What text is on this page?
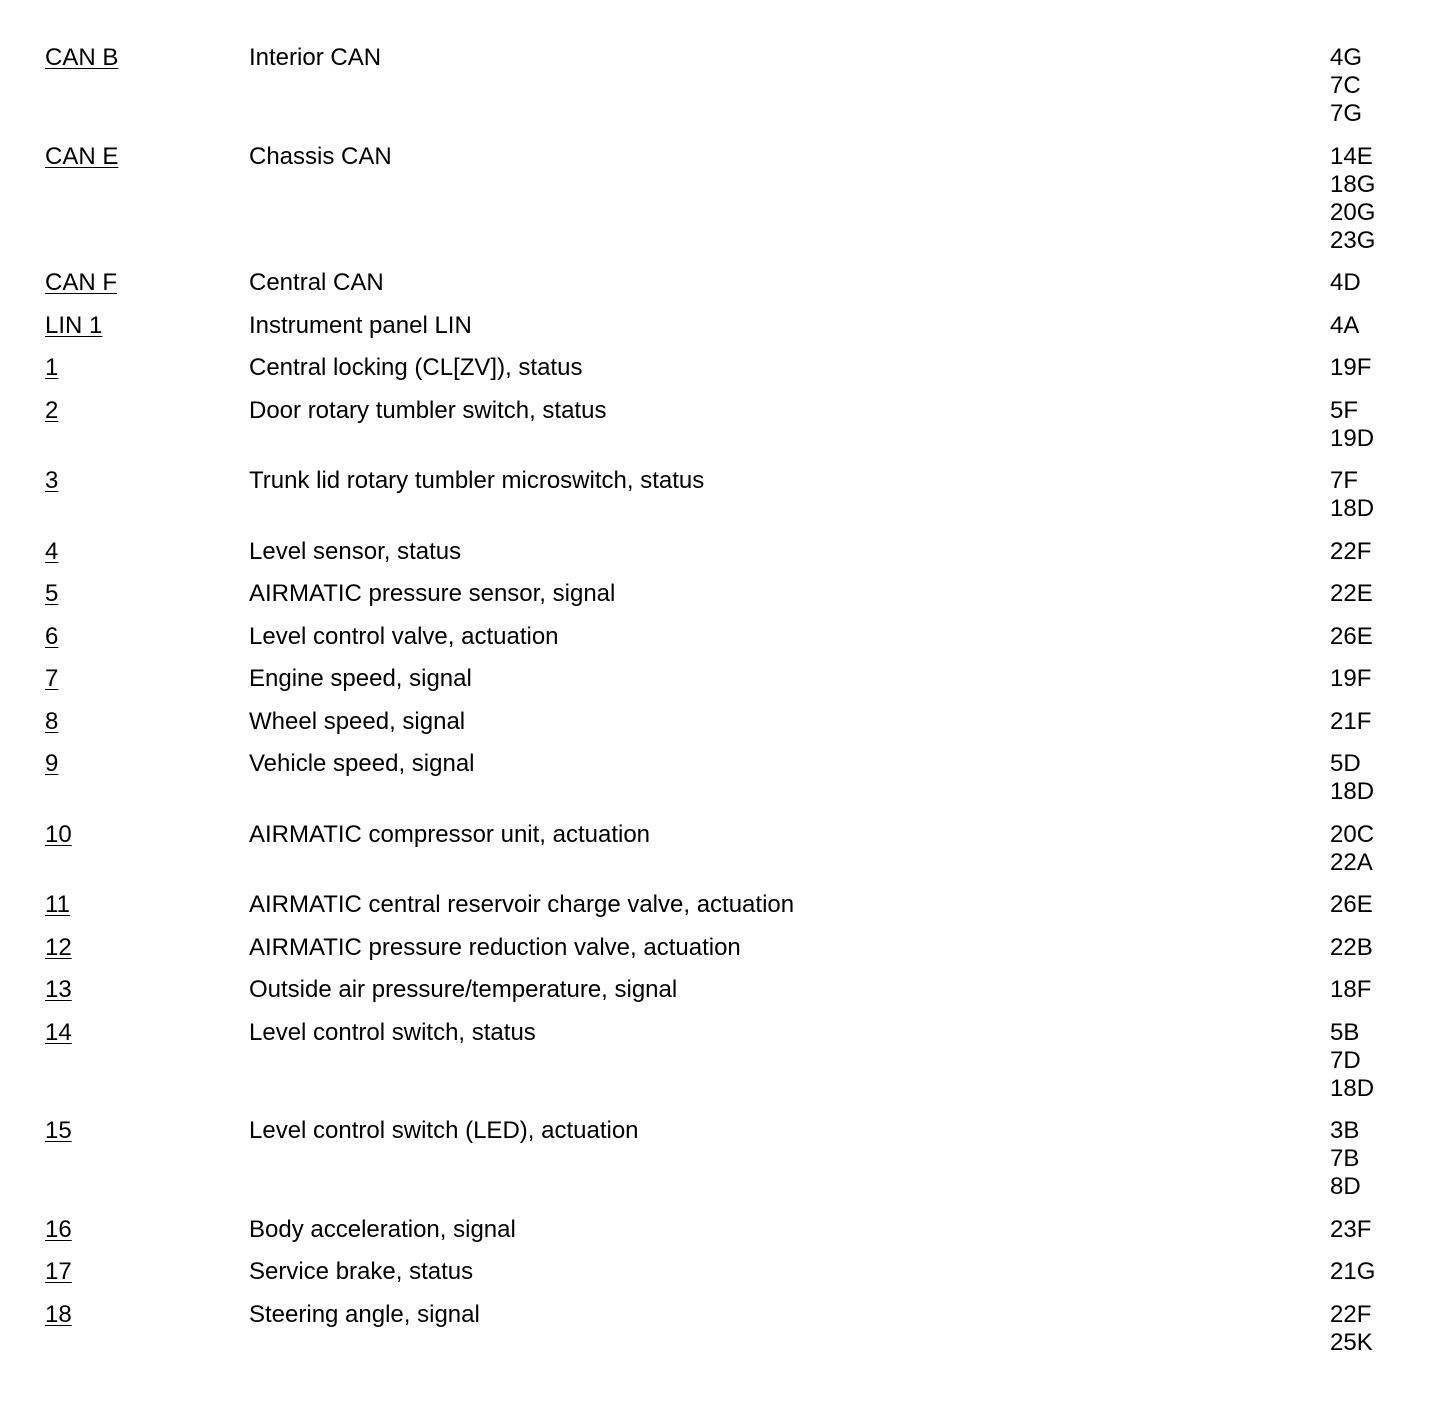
CAN B	Interior CAN	4G
7C
7G
CAN E	Chassis CAN	14E
18G
20G
23G
CAN F	Central CAN	4D
LIN 1	Instrument panel LIN	4A
1	Central locking (CL[ZV]), status	19F
2	Door rotary tumbler switch, status	5F
19D
3	Trunk lid rotary tumbler microswitch, status	7F
18D
4	Level sensor, status	22F
5	AIRMATIC pressure sensor, signal	22E
6	Level control valve, actuation	26E
7	Engine speed, signal	19F
8	Wheel speed, signal	21F
9	Vehicle speed, signal	5D
18D
10	AIRMATIC compressor unit, actuation	20C
22A
11	AIRMATIC central reservoir charge valve, actuation	26E
12	AIRMATIC pressure reduction valve, actuation	22B
13	Outside air pressure/temperature, signal	18F
14	Level control switch, status	5B
7D
18D
15	Level control switch (LED), actuation	3B
7B
8D
16	Body acceleration, signal	23F
17	Service brake, status	21G
18	Steering angle, signal	22F
25K
